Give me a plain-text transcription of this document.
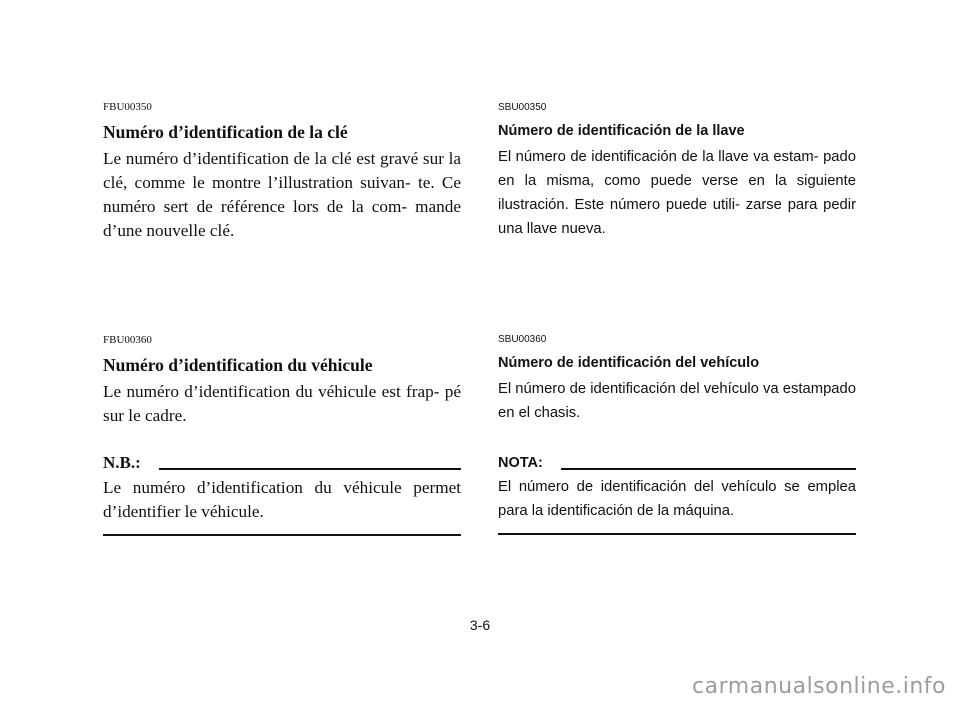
FBU00350
Numéro d’identification de la clé

Le numéro d’identification de la clé est gravé sur la clé, comme le montre l’illustration suivan- te. Ce numéro sert de référence lors de la com- mande d’une nouvelle clé.

SBU00350
Número de identificación de la llave

El número de identificación de la llave va estam- pado en la misma, como puede verse en la siguiente ilustración. Este número puede utili- zarse para pedir una llave nueva.

FBU00360
Numéro d’identification du véhicule

Le numéro d’identification du véhicule est frap- pé sur le cadre.

SBU00360
Número de identificación del vehículo

El número de identificación del vehículo va estampado en el chasis.

N.B.:

Le numéro d’identification du véhicule permet d’identifier le véhicule.

NOTA:

El número de identificación del vehículo se emplea para la identificación de la máquina.

3-6
carmanualsonline.info
